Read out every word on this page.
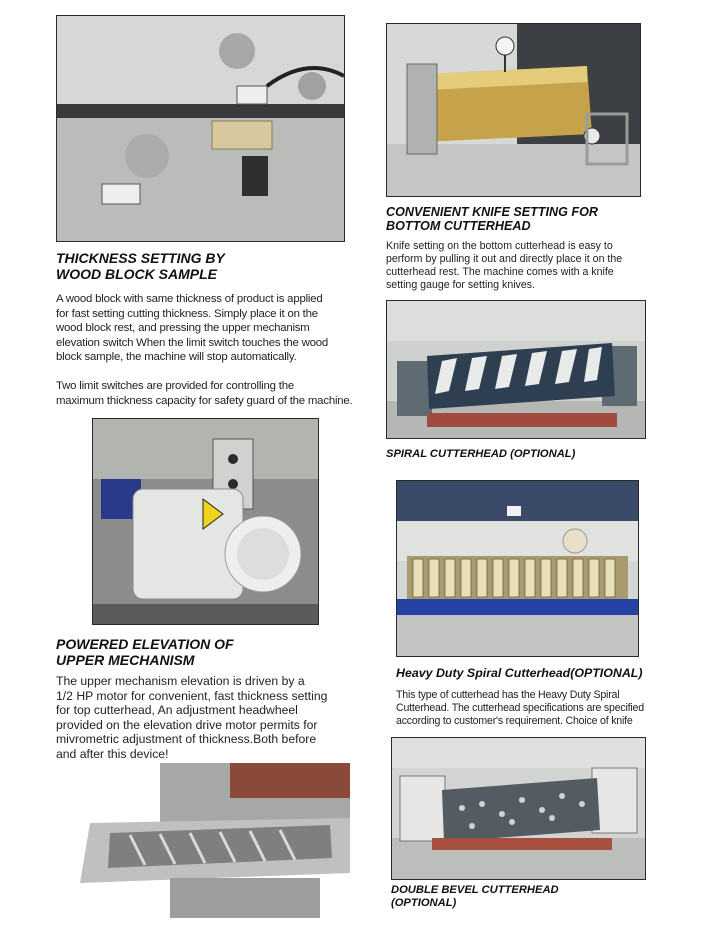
THICKNESS SETTING BY
WOOD BLOCK SAMPLE

A wood block with same thickness of product is applied
for fast setting cutting thickness. Simply place it on the
wood block rest, and pressing the upper mechanism
elevation switch When the limit switch touches the wood
block sample, the machine will stop automatically.
Two limit switches are provided for controlling the
maximum thickness capacity for safety guard of the machine.

POWERED ELEVATION OF
UPPER MECHANISM

The upper mechanism elevation is driven by a
1/2 HP motor for convenient, fast thickness setting
for top cutterhead, An adjustment headwheel
provided on the elevation drive motor permits for
mivrometric adjustment of thickness.Both before
and after this device!

CONVENIENT KNIFE SETTING FOR
BOTTOM CUTTERHEAD

Knife setting on the bottom cutterhead is easy to
perform by pulling it out and directly place it on the
cutterhead rest. The machine comes with a knife
setting gauge for setting knives.

SPIRAL CUTTERHEAD (OPTIONAL)

Heavy Duty Spiral Cutterhead(OPTIONAL)

This type of cutterhead has the Heavy Duty Spiral
Cutterhead. The cutterhead specifications are specified
according to customer's requirement. Choice of knife

DOUBLE BEVEL CUTTERHEAD
(OPTIONAL)
